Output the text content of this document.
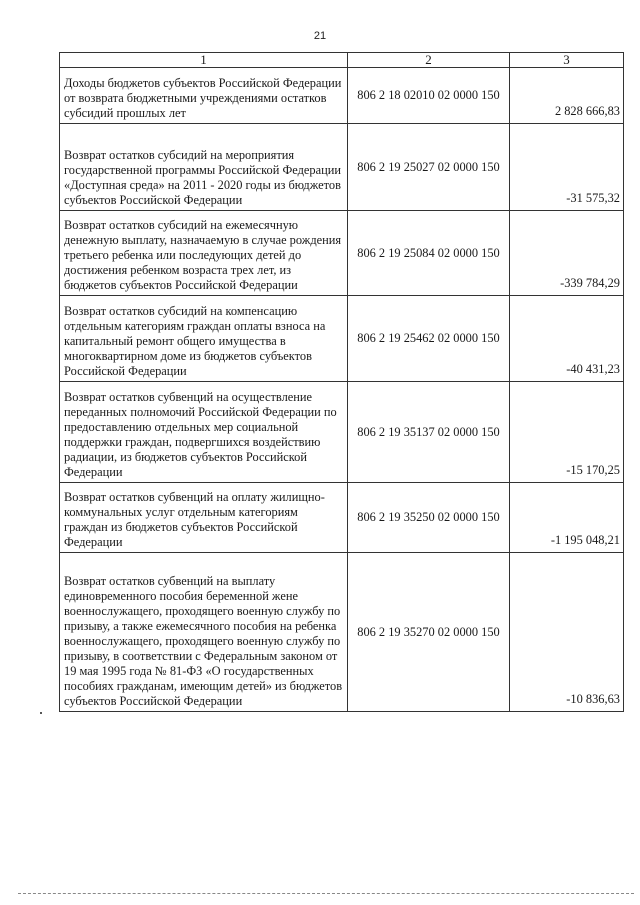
21
1	2	3
Доходы бюджетов субъектов Российской Федерации от возврата бюджетными учреждениями остатков субсидий прошлых лет	806 2 18 02010 02 0000 150	2 828 666,83
Возврат остатков субсидий на мероприятия государственной программы Российской Федерации «Доступная среда» на 2011 - 2020 годы из бюджетов субъектов Российской Федерации	806 2 19 25027 02 0000 150	-31 575,32
Возврат остатков субсидий на ежемесячную денежную выплату, назначаемую в случае рождения третьего ребенка или последующих детей до достижения ребенком возраста трех лет, из бюджетов субъектов Российской Федерации	806 2 19 25084 02 0000 150	-339 784,29
Возврат остатков субсидий на компенсацию отдельным категориям граждан оплаты взноса на капитальный ремонт общего имущества в многоквартирном доме из бюджетов субъектов Российской Федерации	806 2 19 25462 02 0000 150	-40 431,23
Возврат остатков субвенций на осуществление переданных полномочий Российской Федерации по предоставлению отдельных мер социальной поддержки граждан, подвергшихся воздействию радиации, из бюджетов субъектов Российской Федерации	806 2 19 35137 02 0000 150	-15 170,25
Возврат остатков субвенций на оплату жилищно-коммунальных услуг отдельным категориям граждан из бюджетов субъектов Российской Федерации	806 2 19 35250 02 0000 150	-1 195 048,21
Возврат остатков субвенций на выплату единовременного пособия беременной жене военнослужащего, проходящего военную службу по призыву, а также ежемесячного пособия на ребенка военнослужащего, проходящего военную службу по призыву, в соответствии с Федеральным законом от 19 мая 1995 года № 81-ФЗ «О государственных пособиях гражданам, имеющим детей» из бюджетов субъектов Российской Федерации	806 2 19 35270 02 0000 150	-10 836,63
